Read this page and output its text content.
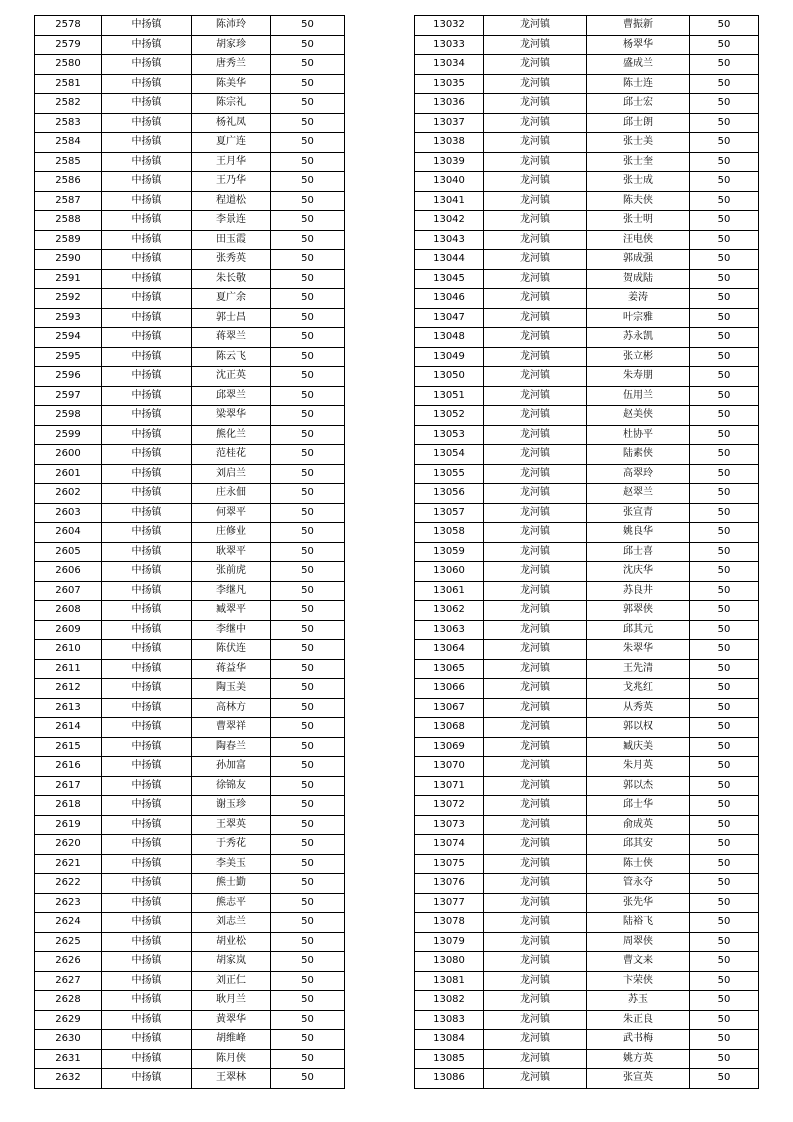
2578	中扬镇	陈沛玲	50
2579	中扬镇	胡家珍	50
2580	中扬镇	唐秀兰	50
2581	中扬镇	陈美华	50
2582	中扬镇	陈宗礼	50
2583	中扬镇	杨礼凤	50
2584	中扬镇	夏广连	50
2585	中扬镇	王月华	50
2586	中扬镇	王乃华	50
2587	中扬镇	程道松	50
2588	中扬镇	李景连	50
2589	中扬镇	田玉霞	50
2590	中扬镇	张秀英	50
2591	中扬镇	朱长敬	50
2592	中扬镇	夏广余	50
2593	中扬镇	郭士昌	50
2594	中扬镇	蒋翠兰	50
2595	中扬镇	陈云飞	50
2596	中扬镇	沈正英	50
2597	中扬镇	邱翠兰	50
2598	中扬镇	梁翠华	50
2599	中扬镇	熊化兰	50
2600	中扬镇	范桂花	50
2601	中扬镇	刘启兰	50
2602	中扬镇	庄永佃	50
2603	中扬镇	何翠平	50
2604	中扬镇	庄修业	50
2605	中扬镇	耿翠平	50
2606	中扬镇	张前虎	50
2607	中扬镇	李继凡	50
2608	中扬镇	臧翠平	50
2609	中扬镇	李继中	50
2610	中扬镇	陈伏连	50
2611	中扬镇	蒋益华	50
2612	中扬镇	陶玉美	50
2613	中扬镇	高林方	50
2614	中扬镇	曹翠祥	50
2615	中扬镇	陶春兰	50
2616	中扬镇	孙加富	50
2617	中扬镇	徐锦友	50
2618	中扬镇	谢玉珍	50
2619	中扬镇	王翠英	50
2620	中扬镇	于秀花	50
2621	中扬镇	李美玉	50
2622	中扬镇	熊士勤	50
2623	中扬镇	熊志平	50
2624	中扬镇	刘志兰	50
2625	中扬镇	胡业松	50
2626	中扬镇	胡家岚	50
2627	中扬镇	刘正仁	50
2628	中扬镇	耿月兰	50
2629	中扬镇	黄翠华	50
2630	中扬镇	胡维峰	50
2631	中扬镇	陈月侠	50
2632	中扬镇	王翠林	50
13032	龙河镇	曹振新	50
13033	龙河镇	杨翠华	50
13034	龙河镇	盛成兰	50
13035	龙河镇	陈士连	50
13036	龙河镇	邱士宏	50
13037	龙河镇	邱士朗	50
13038	龙河镇	张士美	50
13039	龙河镇	张士奎	50
13040	龙河镇	张士成	50
13041	龙河镇	陈夫侠	50
13042	龙河镇	张士明	50
13043	龙河镇	汪电侠	50
13044	龙河镇	郭成强	50
13045	龙河镇	贺成陆	50
13046	龙河镇	姜涛	50
13047	龙河镇	叶宗雅	50
13048	龙河镇	苏永凯	50
13049	龙河镇	张立彬	50
13050	龙河镇	朱寿朋	50
13051	龙河镇	伍用兰	50
13052	龙河镇	赵美侠	50
13053	龙河镇	杜协平	50
13054	龙河镇	陆素侠	50
13055	龙河镇	高翠玲	50
13056	龙河镇	赵翠兰	50
13057	龙河镇	张宣青	50
13058	龙河镇	姚良华	50
13059	龙河镇	邱士喜	50
13060	龙河镇	沈庆华	50
13061	龙河镇	苏良井	50
13062	龙河镇	郭翠侠	50
13063	龙河镇	邱其元	50
13064	龙河镇	朱翠华	50
13065	龙河镇	王先清	50
13066	龙河镇	戈兆红	50
13067	龙河镇	从秀英	50
13068	龙河镇	郭以权	50
13069	龙河镇	臧庆美	50
13070	龙河镇	朱月英	50
13071	龙河镇	郭以杰	50
13072	龙河镇	邱士华	50
13073	龙河镇	俞成英	50
13074	龙河镇	邱其安	50
13075	龙河镇	陈士侠	50
13076	龙河镇	管永夺	50
13077	龙河镇	张先华	50
13078	龙河镇	陆裕飞	50
13079	龙河镇	周翠侠	50
13080	龙河镇	曹文来	50
13081	龙河镇	卞荣侠	50
13082	龙河镇	苏玉	50
13083	龙河镇	朱正良	50
13084	龙河镇	武书梅	50
13085	龙河镇	姚方英	50
13086	龙河镇	张宣英	50
